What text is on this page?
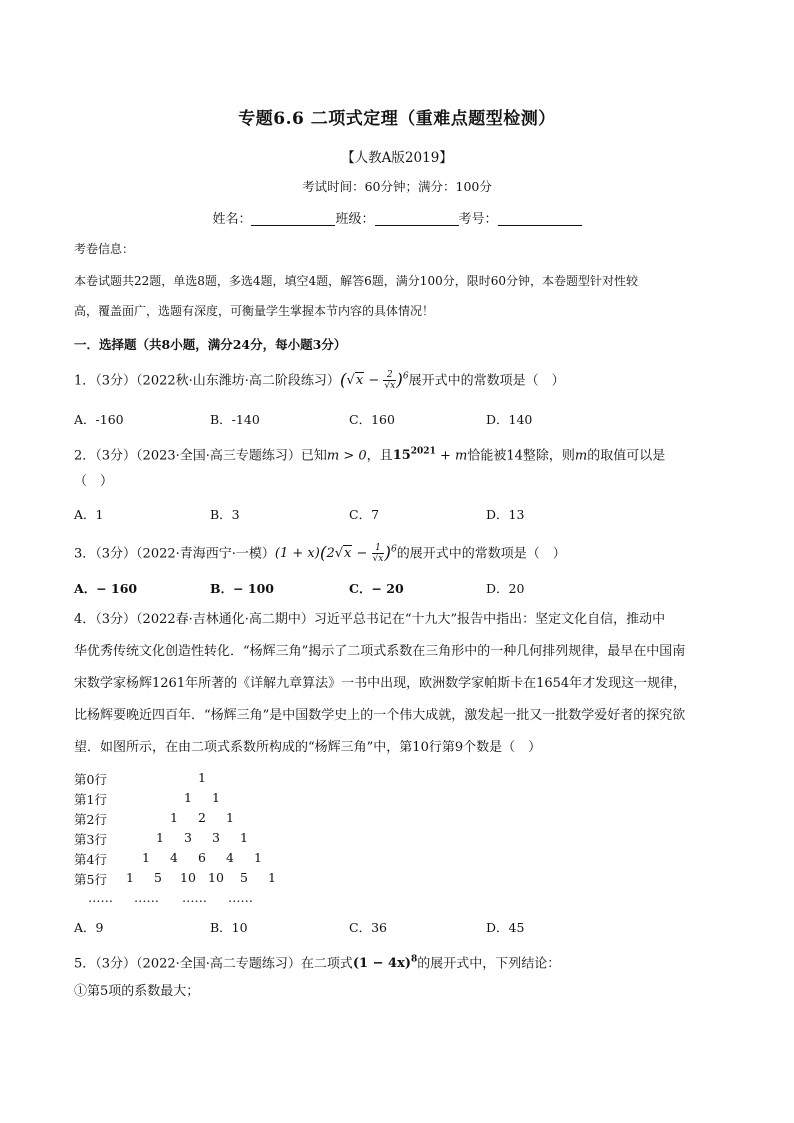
专题6.6 二项式定理（重难点题型检测）
【人教A版2019】
考试时间：60分钟；满分：100分
姓名：	班级：	考号：
考卷信息：
本卷试题共22题，单选8题，多选4题，填空4题，解答6题，满分100分，限时60分钟，本卷题型针对性较
高，覆盖面广，选题有深度，可衡量学生掌握本节内容的具体情况！
一．选择题（共8小题，满分24分，每小题3分）
1．（3分）（2022秋·山东潍坊·高二阶段练习）$(√x - \frac{2}{√x} )^6$展开式中的常数项是（　）
A．-160	B．-140	C．160	D．140
2．（3分）（2023·全国·高三专题练习）已知m > 0，且$15^{2021} + m$恰能被14整除，则m的取值可以是
（　）
A．1	B．3	C．7	D．13
3．（3分）（2022·青海西宁·一模）$(1 + x)(2√x - \frac{1}{√x} )^6$的展开式中的常数项是（　）
A．− 160	B．− 100	C．− 20	D．20
4．（3分）（2022春·吉林通化·高二期中）习近平总书记在“十九大”报告中指出：坚定文化自信，推动中
华优秀传统文化创造性转化．“杨辉三角”揭示了二项式系数在三角形中的一种几何排列规律，最早在中国南
宋数学家杨辉1261年所著的《详解九章算法》一书中出现，欧洲数学家帕斯卡在1654年才发现这一规律，
比杨辉要晚近四百年．“杨辉三角”是中国数学史上的一个伟大成就，激发起一批又一批数学爱好者的探究欲
望．如图所示，在由二项式系数所构成的“杨辉三角”中，第10行第9个数是（　）
第0行	1
第1行	1 1
第2行	1 2 1
第3行	1 3 3 1
第4行	1 4 6 4 1
第5行 1 5 10 10 5 1
…… …… …… ……
A．9	B．10	C．36	D．45
5．（3分）（2022·全国·高二专题练习）在二项式$(1 - 4x)^8$的展开式中，下列结论：
①第5项的系数最大；
